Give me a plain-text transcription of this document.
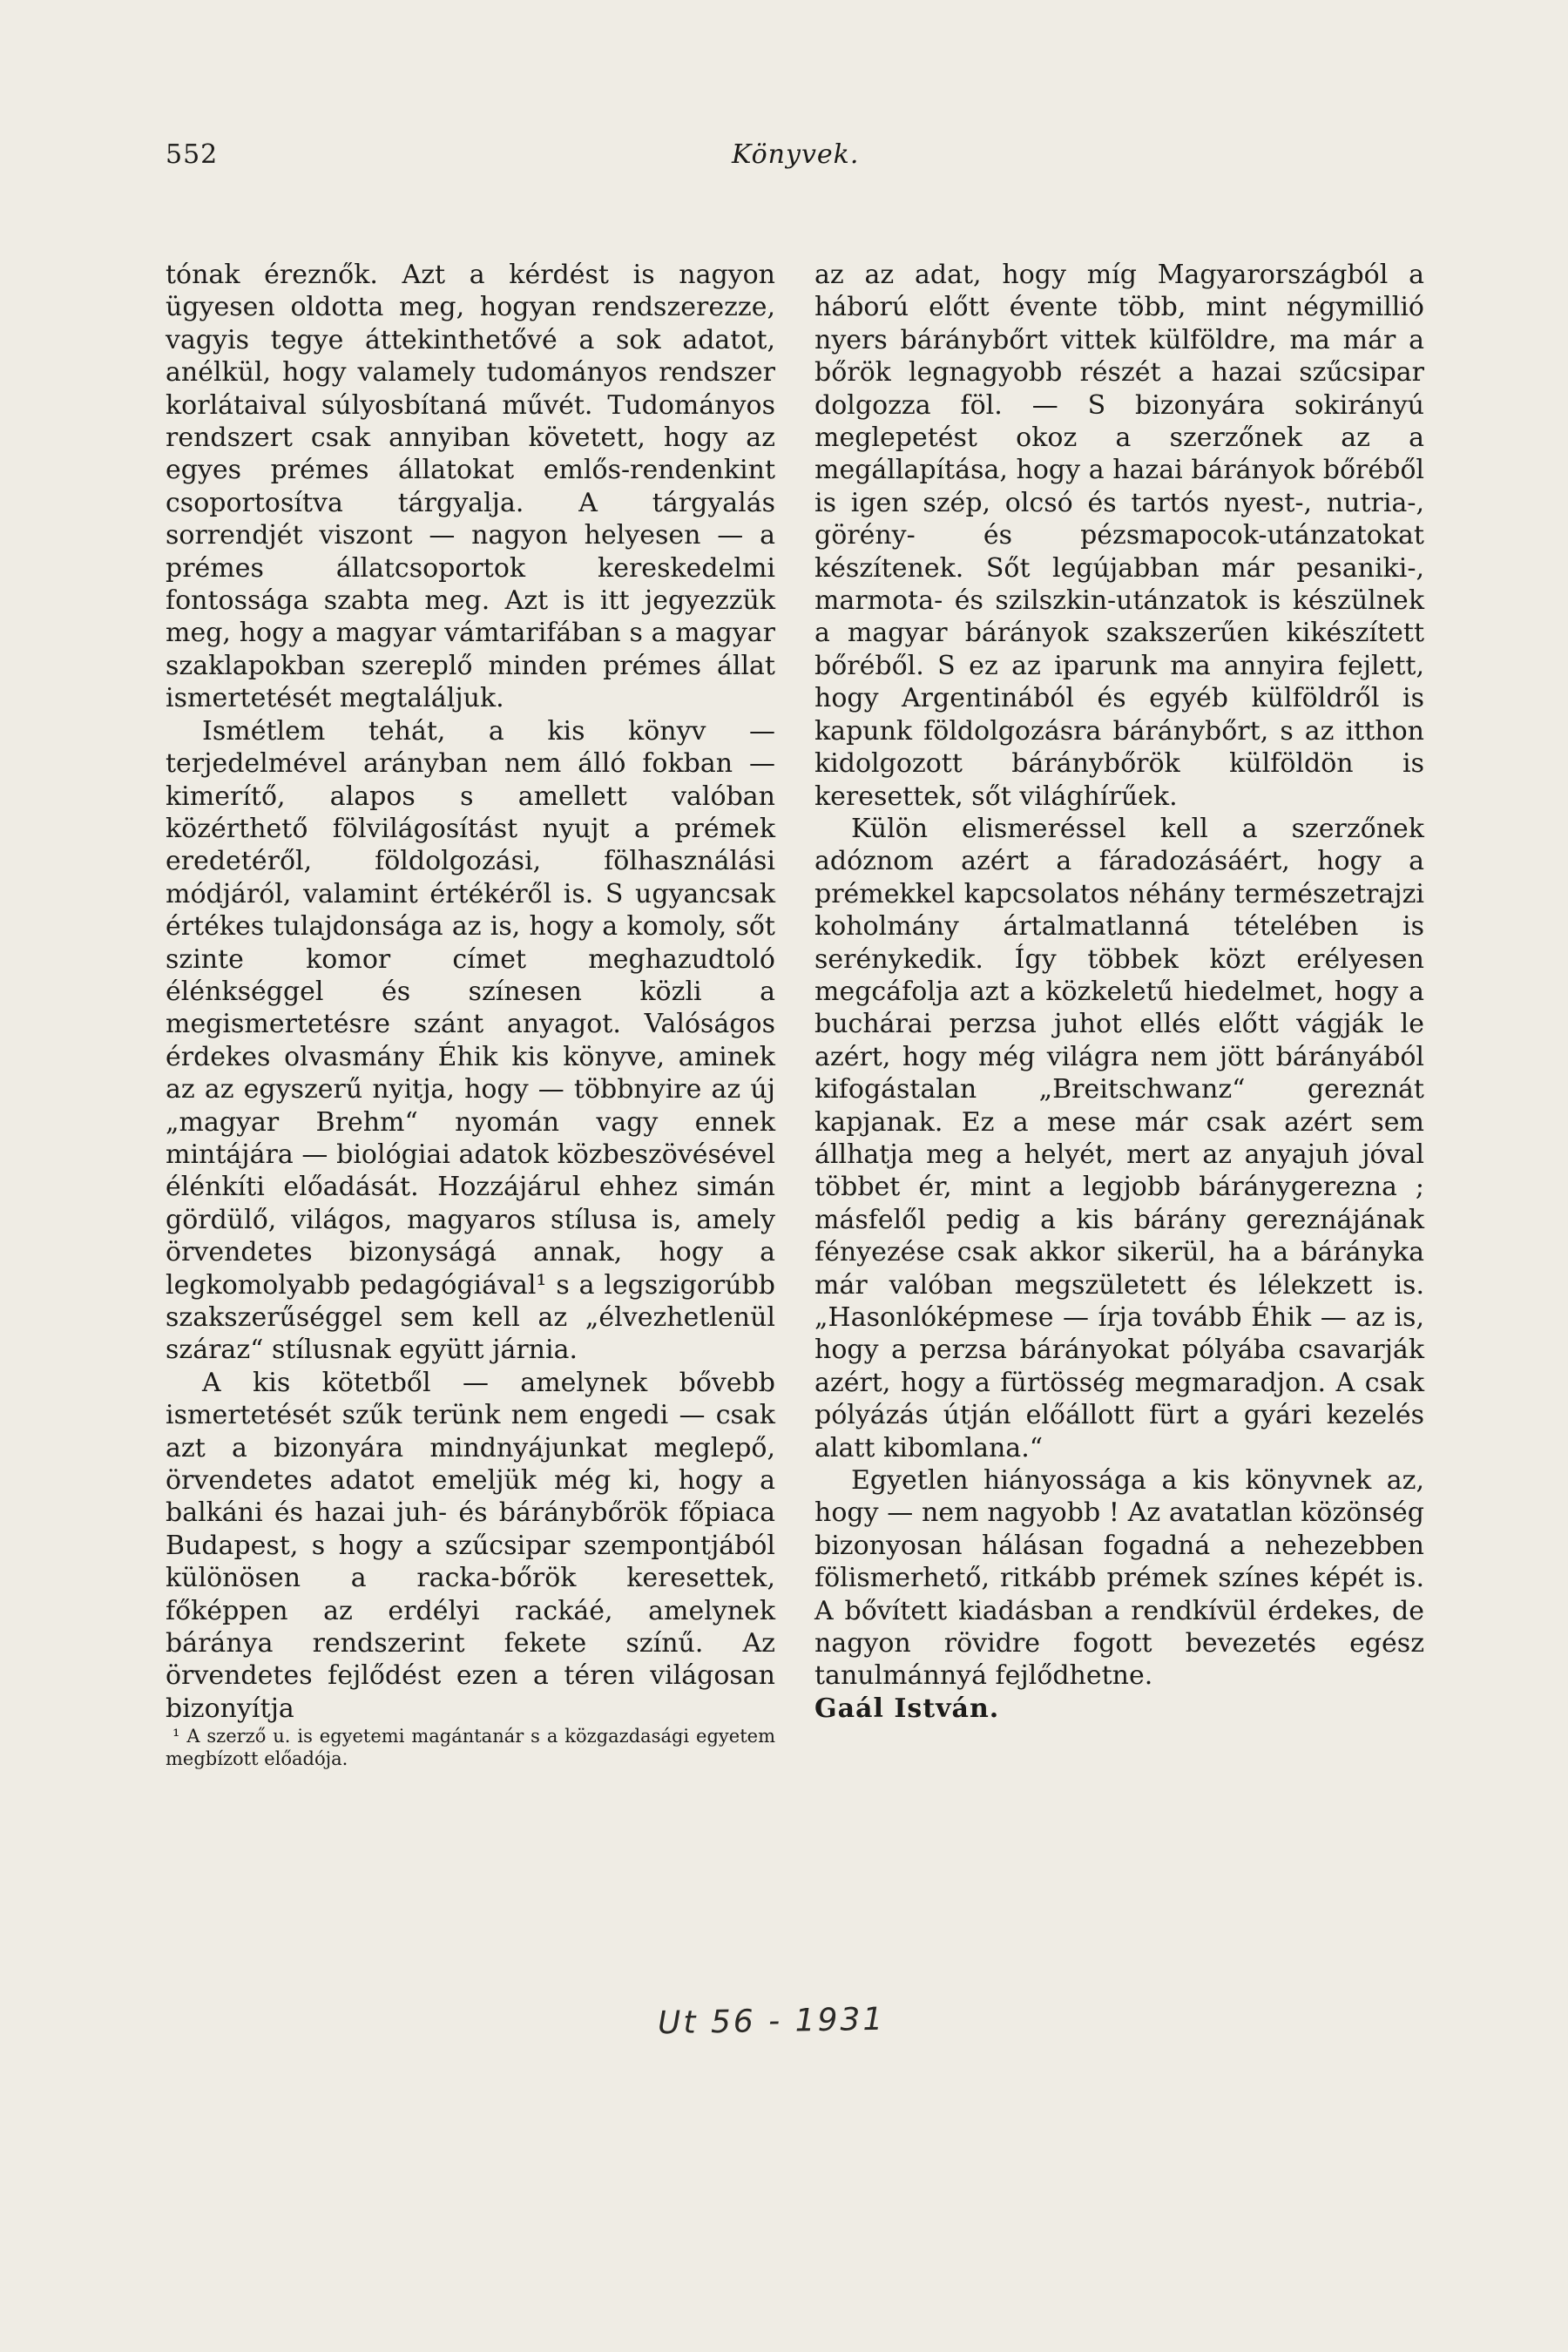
552	Könyvek.

tónak éreznők. Azt a kérdést is nagyon ügyesen oldotta meg, hogyan rendszerezze, vagyis tegye áttekinthetővé a sok adatot, anélkül, hogy valamely tudományos rendszer korlátaival súlyosbítaná művét. Tudományos rendszert csak annyiban követett, hogy az egyes prémes állatokat emlős-rendenkint csoportosítva tárgyalja. A tárgyalás sorrendjét viszont — nagyon helyesen — a prémes állatcsoportok kereskedelmi fontossága szabta meg. Azt is itt jegyezzük meg, hogy a magyar vámtarifában s a magyar szaklapokban szereplő minden prémes állat ismertetését megtaláljuk.

Ismétlem tehát, a kis könyv — terjedelmével arányban nem álló fokban — kimerítő, alapos s amellett valóban közérthető fölvilágosítást nyujt a prémek eredetéről, földolgozási, fölhasználási módjáról, valamint értékéről is. S ugyancsak értékes tulajdonsága az is, hogy a komoly, sőt szinte komor címet meghazudtoló élénkséggel és színesen közli a megismertetésre szánt anyagot. Valóságos érdekes olvasmány Éhik kis könyve, aminek az az egyszerű nyitja, hogy — többnyire az új „magyar Brehm“ nyomán vagy ennek mintájára — biológiai adatok közbeszövésével élénkíti előadását. Hozzájárul ehhez simán gördülő, világos, magyaros stílusa is, amely örvendetes bizonyságá annak, hogy a legkomolyabb pedagógiával¹ s a legszigorúbb szakszerűséggel sem kell az „élvezhetlenül száraz“ stílusnak együtt járnia.

A kis kötetből — amelynek bővebb ismertetését szűk terünk nem engedi — csak azt a bizonyára mindnyájunkat meglepő, örvendetes adatot emeljük még ki, hogy a balkáni és hazai juh- és báránybőrök főpiaca Budapest, s hogy a szűcsipar szempontjából különösen a racka-bőrök keresettek, főképpen az erdélyi rackáé, amelynek báránya rendszerint fekete színű. Az örvendetes fejlődést ezen a téren világosan bizonyítja

¹ A szerző u. is egyetemi magántanár s a közgazdasági egyetem megbízott előadója.

az az adat, hogy míg Magyarországból a háború előtt évente több, mint négymillió nyers báránybőrt vittek külföldre, ma már a bőrök legnagyobb részét a hazai szűcsipar dolgozza föl. — S bizonyára sokirányú meglepetést okoz a szerzőnek az a megállapítása, hogy a hazai bárányok bőréből is igen szép, olcsó és tartós nyest-, nutria-, görény- és pézsmapocok-utánzatokat készítenek. Sőt legújabban már pesaniki-, marmota- és szilszkin-utánzatok is készülnek a magyar bárányok szakszerűen kikészített bőréből. S ez az iparunk ma annyira fejlett, hogy Argentinából és egyéb külföldről is kapunk földolgozásra báránybőrt, s az itthon kidolgozott báránybőrök külföldön is keresettek, sőt világhírűek.

Külön elismeréssel kell a szerzőnek adóznom azért a fáradozásáért, hogy a prémekkel kapcsolatos néhány természetrajzi koholmány ártalmatlanná tételében is serénykedik. Így többek közt erélyesen megcáfolja azt a közkeletű hiedelmet, hogy a buchárai perzsa juhot ellés előtt vágják le azért, hogy még világra nem jött bárányából kifogástalan „Breitschwanz“ gereznát kapjanak. Ez a mese már csak azért sem állhatja meg a helyét, mert az anyajuh jóval többet ér, mint a legjobb báránygerezna ; másfelől pedig a kis bárány gereznájának fényezése csak akkor sikerül, ha a bárányka már valóban megszületett és lélekzett is. „Hasonlóképmese — írja tovább Éhik — az is, hogy a perzsa bárányokat pólyába csavarják azért, hogy a fürtösség megmaradjon. A csak pólyázás útján előállott fürt a gyári kezelés alatt kibomlana.“

Egyetlen hiányossága a kis könyvnek az, hogy — nem nagyobb ! Az avatatlan közönség bizonyosan hálásan fogadná a nehezebben fölismerhető, ritkább prémek színes képét is. A bővített kiadásban a rendkívül érdekes, de nagyon rövidre fogott bevezetés egész tanulmánnyá fejlődhetne.

Gaál István.

Ut 56 - 1931
